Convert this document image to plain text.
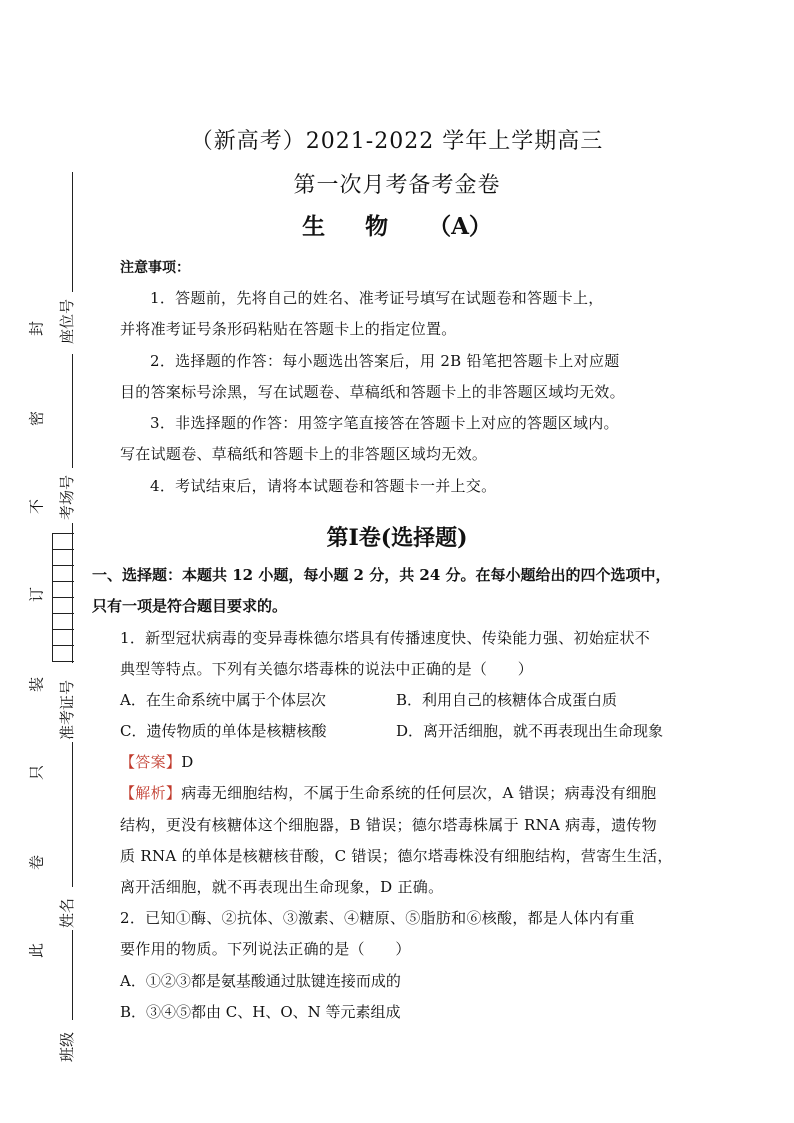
座位号
考场号
准考证号
姓名
班级
封
密
不
订
装
只
卷
此
（新高考）2021-2022 学年上学期高三
第一次月考备考金卷
生 物 （A）
注意事项：
1．答题前，先将自己的姓名、准考证号填写在试题卷和答题卡上，
并将准考证号条形码粘贴在答题卡上的指定位置。
2．选择题的作答：每小题选出答案后，用 2B 铅笔把答题卡上对应题
目的答案标号涂黑，写在试题卷、草稿纸和答题卡上的非答题区域均无效。
3．非选择题的作答：用签字笔直接答在答题卡上对应的答题区域内。
写在试题卷、草稿纸和答题卡上的非答题区域均无效。
4．考试结束后，请将本试题卷和答题卡一并上交。
第Ⅰ卷(选择题)
一、选择题：本题共 12 小题，每小题 2 分，共 24 分。在每小题给出的四个选项中，
只有一项是符合题目要求的。
1．新型冠状病毒的变异毒株德尔塔具有传播速度快、传染能力强、初始症状不
典型等特点。下列有关德尔塔毒株的说法中正确的是（　　）
A．在生命系统中属于个体层次	B．利用自己的核糖体合成蛋白质
C．遗传物质的单体是核糖核酸	D．离开活细胞，就不再表现出生命现象
【答案】D
【解析】病毒无细胞结构，不属于生命系统的任何层次，A 错误；病毒没有细胞
结构，更没有核糖体这个细胞器，B 错误；德尔塔毒株属于 RNA 病毒，遗传物
质 RNA 的单体是核糖核苷酸，C 错误；德尔塔毒株没有细胞结构，营寄生生活，
离开活细胞，就不再表现出生命现象，D 正确。
2．已知①酶、②抗体、③激素、④糖原、⑤脂肪和⑥核酸，都是人体内有重
要作用的物质。下列说法正确的是（　　）
A．①②③都是氨基酸通过肽键连接而成的
B．③④⑤都由 C、H、O、N 等元素组成
